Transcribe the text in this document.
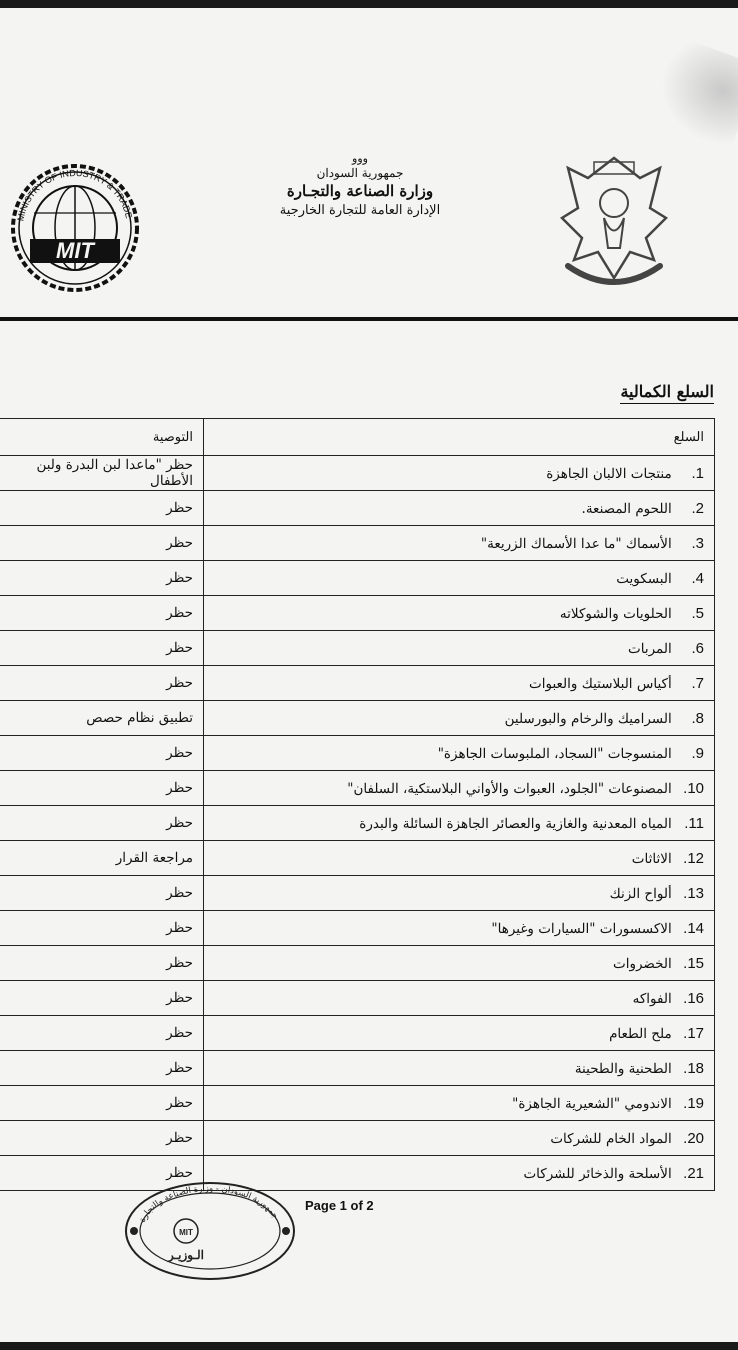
MINISTRY OF INDUSTRY & TRADE
MIT
ووو
جمهورية السودان
وزارة الصناعة والتجـارة
الإدارة العامة للتجارة الخارجية
السلع الكمالية
السلع	التوصية
1. منتجات الالبان الجاهزة	حظر "ماعدا لبن البدرة ولبن الأطفال
2. اللحوم المصنعة.	حظر
3. الأسماك "ما عدا الأسماك الزريعة"	حظر
4. البسكويت	حظر
5. الحلويات والشوكلاته	حظر
6. المربات	حظر
7. أكياس البلاستيك والعبوات	حظر
8. السراميك والرخام والبورسلين	تطبيق نظام حصص
9. المنسوجات "السجاد، الملبوسات الجاهزة"	حظر
10. المصنوعات "الجلود، العبوات والأواني البلاستكية، السلفان"	حظر
11. المياه المعدنية والغازية والعصائر الجاهزة السائلة والبدرة	حظر
12. الاثاثات	مراجعة القرار
13. ألواح الزنك	حظر
14. الاكسسورات "السيارات وغيرها"	حظر
15. الخضروات	حظر
16. الفواكه	حظر
17. ملح الطعام	حظر
18. الطحنية والطحينة	حظر
19. الاندومي "الشعيرية الجاهزة"	حظر
20. المواد الخام للشركات	حظر
21. الأسلحة والذخائر للشركات	حظر
جمهورية السودان - وزارة الصناعة والتجارة
MIT
الـوزيـر
Page 1 of 2
